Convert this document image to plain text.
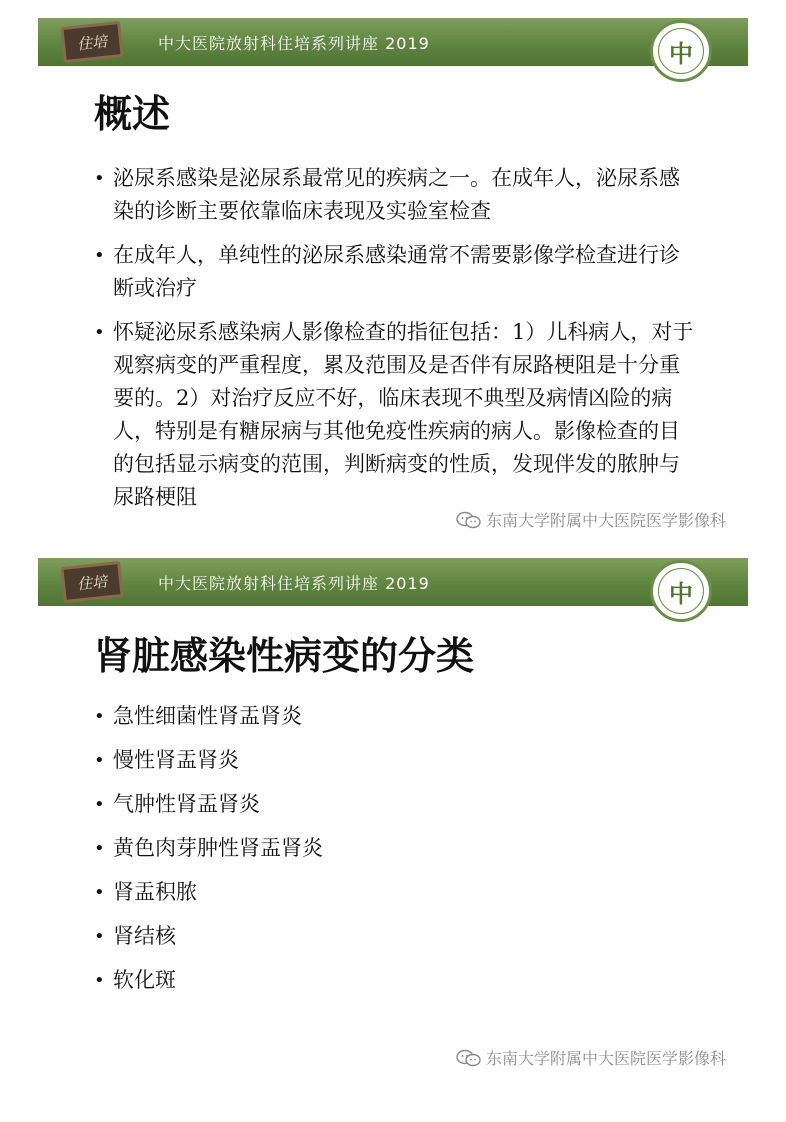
住培	中大医院放射科住培系列讲座 2019	中
概述
• 泌尿系感染是泌尿系最常见的疾病之一。在成年人，泌尿系感染的诊断主要依靠临床表现及实验室检查
• 在成年人，单纯性的泌尿系感染通常不需要影像学检查进行诊断或治疗
• 怀疑泌尿系感染病人影像检查的指征包括：1）儿科病人，对于观察病变的严重程度，累及范围及是否伴有尿路梗阻是十分重要的。2）对治疗反应不好，临床表现不典型及病情凶险的病人，特别是有糖尿病与其他免疫性疾病的病人。影像检查的目的包括显示病变的范围，判断病变的性质，发现伴发的脓肿与尿路梗阻
东南大学附属中大医院医学影像科
住培	中大医院放射科住培系列讲座 2019	中
肾脏感染性病变的分类
• 急性细菌性肾盂肾炎
• 慢性肾盂肾炎
• 气肿性肾盂肾炎
• 黄色肉芽肿性肾盂肾炎
• 肾盂积脓
• 肾结核
• 软化斑
东南大学附属中大医院医学影像科
